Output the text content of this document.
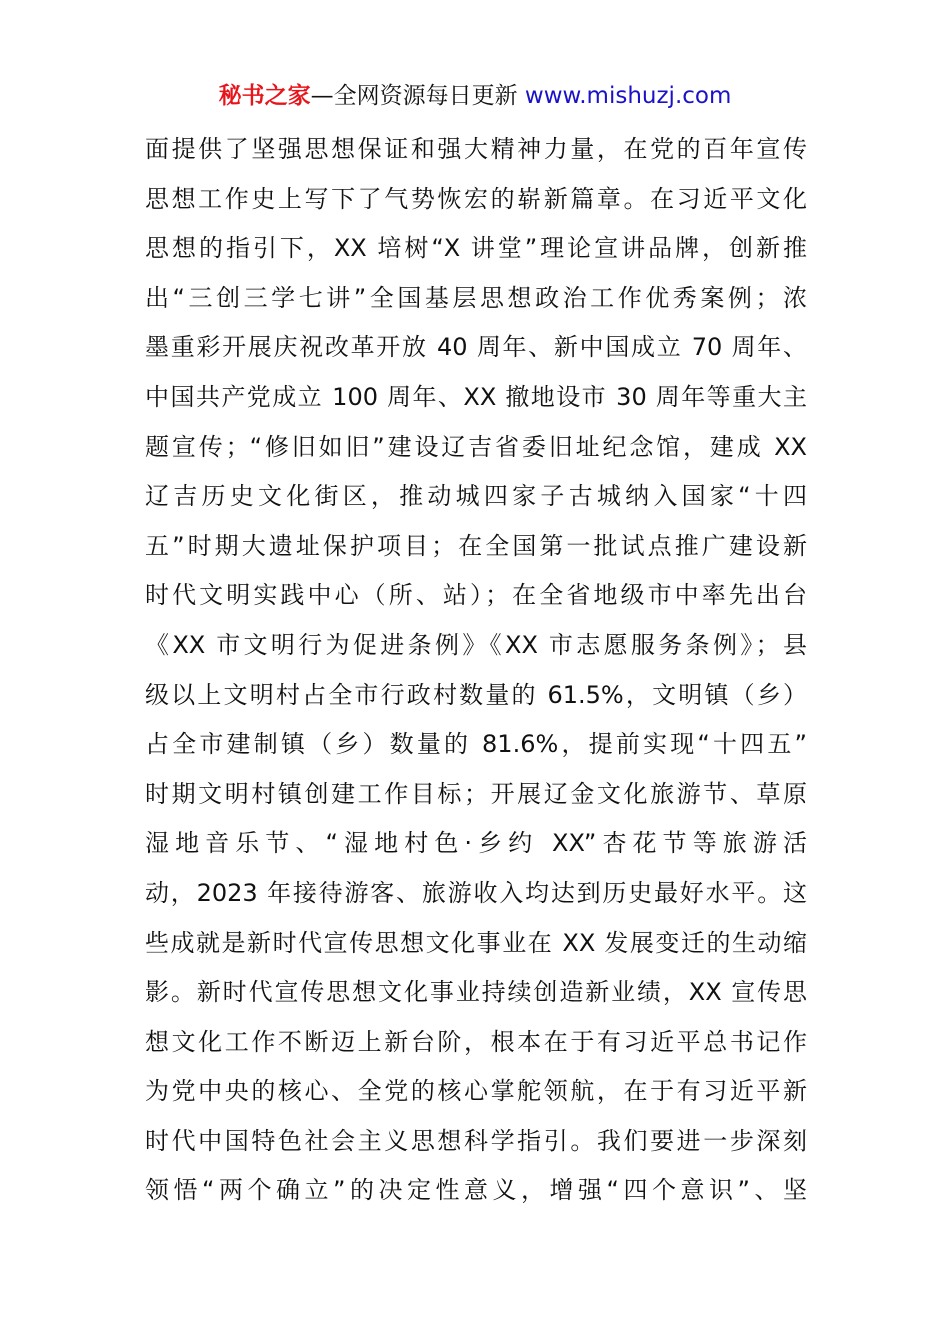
秘书之家—全网资源每日更新 www.mishuzj.com
面提供了坚强思想保证和强大精神力量，在党的百年宣传
思想工作史上写下了气势恢宏的崭新篇章。在习近平文化
思想的指引下，XX 培树“X 讲堂”理论宣讲品牌，创新推
出“三创三学七讲”全国基层思想政治工作优秀案例；浓
墨重彩开展庆祝改革开放 40 周年、新中国成立 70 周年、
中国共产党成立 100 周年、XX 撤地设市 30 周年等重大主
题宣传；“修旧如旧”建设辽吉省委旧址纪念馆，建成 XX
辽吉历史文化街区，推动城四家子古城纳入国家“十四
五”时期大遗址保护项目；在全国第一批试点推广建设新
时代文明实践中心（所、站）；在全省地级市中率先出台
《XX 市文明行为促进条例》《XX 市志愿服务条例》；县
级以上文明村占全市行政村数量的 61.5%，文明镇（乡）
占全市建制镇（乡）数量的 81.6%，提前实现“十四五”
时期文明村镇创建工作目标；开展辽金文化旅游节、草原
湿地音乐节、“湿地村色·乡约 XX”杏花节等旅游活
动，2023 年接待游客、旅游收入均达到历史最好水平。这
些成就是新时代宣传思想文化事业在 XX 发展变迁的生动缩
影。新时代宣传思想文化事业持续创造新业绩，XX 宣传思
想文化工作不断迈上新台阶，根本在于有习近平总书记作
为党中央的核心、全党的核心掌舵领航，在于有习近平新
时代中国特色社会主义思想科学指引。我们要进一步深刻
领悟“两个确立”的决定性意义，增强“四个意识”、坚
